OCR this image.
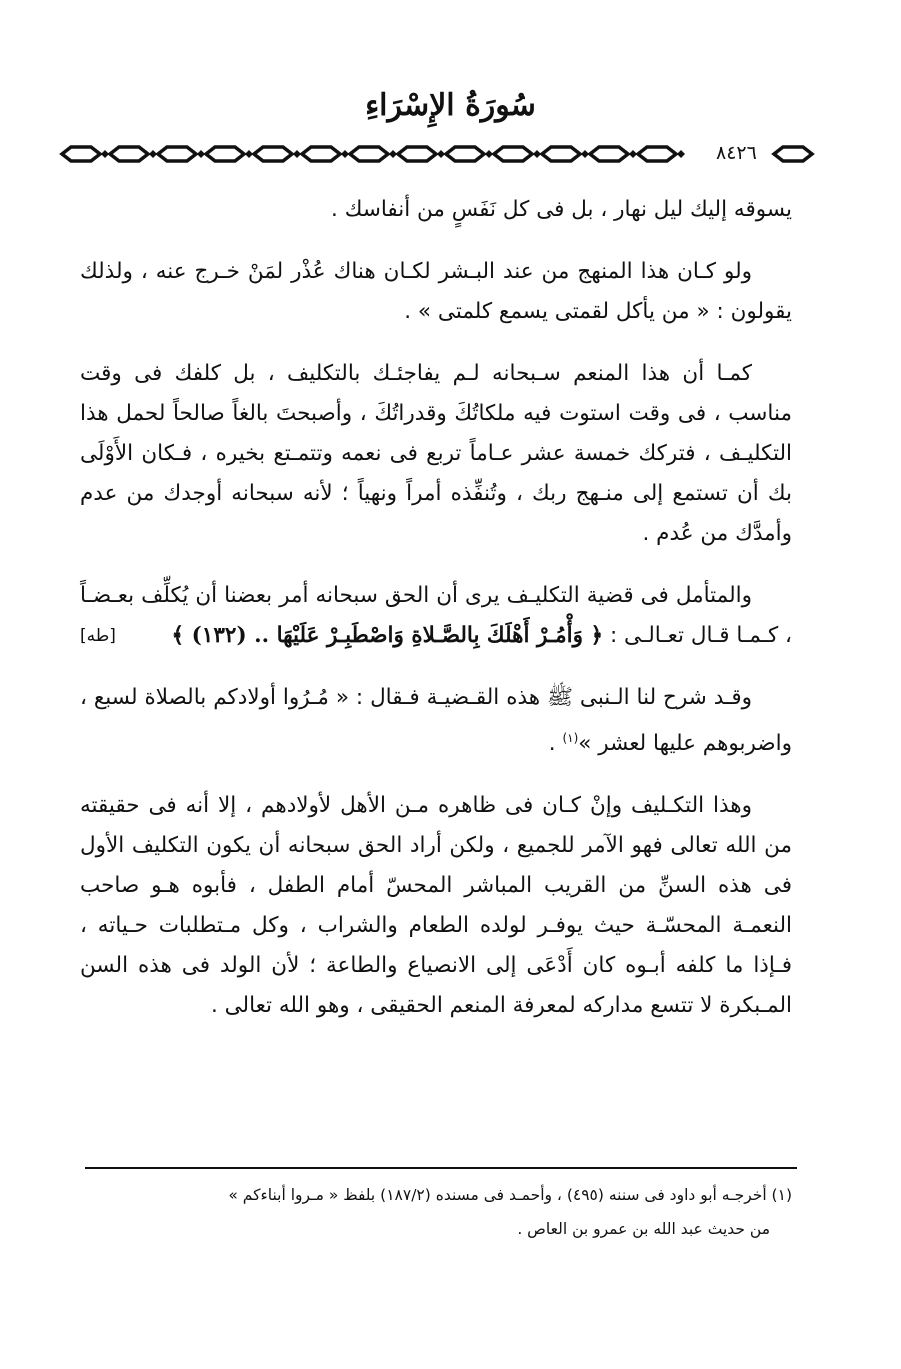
سُورَةُ الإِسْرَاءِ
٨٤٢٦

يسوقه إليك ليل نهار ، بل فى كل نَفَسٍ من أنفاسك .

ولو كـان هذا المنهج من عند البـشر لكـان هناك عُذْر لمَنْ خـرج عنه ، ولذلك يقولون : « من يأكل لقمتى يسمع كلمتى » .

كمـا أن هذا المنعم سـبحانه لـم يفاجئـك بالتكليف ، بل كلفك فى وقت مناسب ، فى وقت استوت فيه ملكاتُكَ وقدراتُكَ ، وأصبحتَ بالغاً صالحاً لحمل هذا التكليـف ، فتركك خمسة عشر عـاماً تربع فى نعمه وتتمـتع بخيره ، فـكان الأَوْلَى بك أن تستمع إلى منـهج ربك ، وتُنفِّذه أمراً ونهياً ؛ لأنه سبحانه أوجدك من عدم وأمدَّك من عُدم .

والمتأمل فى قضية التكليـف يرى أن الحق سبحانه أمر بعضنا أن يُكلِّف بعـضـاً ، كـمـا قـال تعـالـى : ﴿ وَأْمُـرْ أَهْلَكَ بِالصَّـلاةِ وَاصْطَبِـرْ عَلَيْهَا .. (١٣٢) ﴾
[طه]

وقـد شرح لنا الـنبى ﷺ هذه القـضيـة فـقال : « مُـرُوا أولادكم بالصلاة لسبع ، واضربوهم عليها لعشر »$^{(١)}$ .

وهذا التكـليف وإنْ كـان فى ظاهره مـن الأهل لأولادهم ، إلا أنه فى حقيقته من الله تعالى فهو الآمر للجميع ، ولكن أراد الحق سبحانه أن يكون التكليف الأول فى هذه السنِّ من القريب المباشر المحسّ أمام الطفل ، فأبوه هـو صاحب النعمـة المحسّـة حيث يوفـر لولده الطعام والشراب ، وكل مـتطلبات حـياته ، فـإذا ما كلفه أبـوه كان أَدْعَى إلى الانصياع والطاعة ؛ لأن الولد فى هذه السن المـبكرة لا تتسع مداركه لمعرفة المنعم الحقيقى ، وهو الله تعالى .

(١) أخرجـه أبو داود فى سننه (٤٩٥) ، وأحمـد فى مسنده (١٨٧/٢) بلفظ « مـروا أبناءكم »

من حديث عبد الله بن عمرو بن العاص .
